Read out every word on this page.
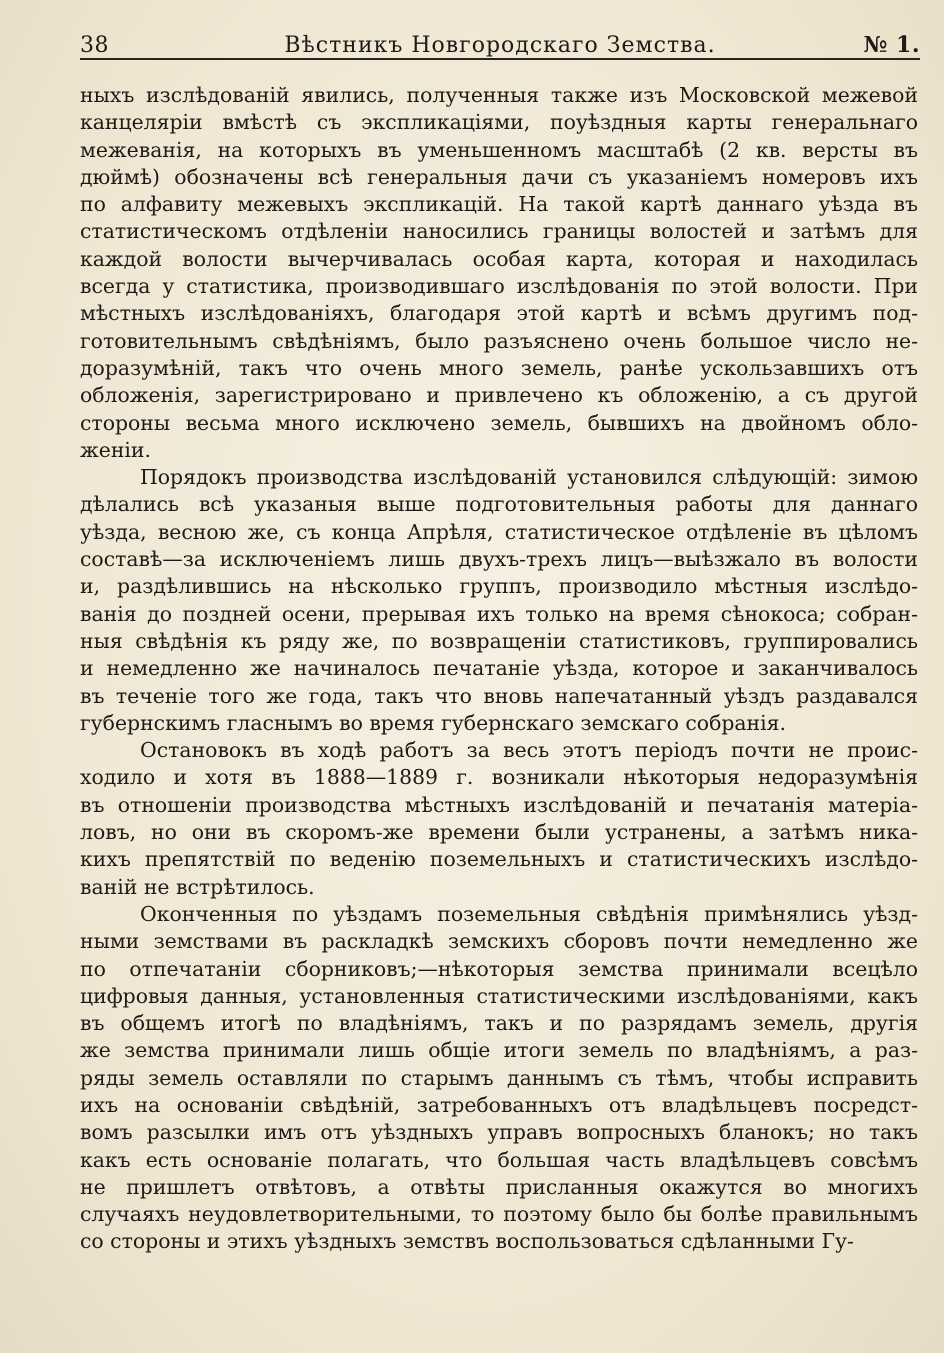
38	Вѣстникъ Новгородскаго Земства.	№ 1.
ныхъ изслѣдованій явились, полученныя также изъ Московской межевой
канцеляріи вмѣстѣ съ экспликаціями, поуѣздныя карты генеральнаго
межеванія, на которыхъ въ уменьшенномъ масштабѣ (2 кв. версты въ
дюймѣ) обозначены всѣ генеральныя дачи съ указаніемъ номеровъ ихъ
по алфавиту межевыхъ экспликацій. На такой картѣ даннаго уѣзда въ
статистическомъ отдѣленіи наносились границы волостей и затѣмъ для
каждой волости вычерчивалась особая карта, которая и находилась
всегда у статистика, производившаго изслѣдованія по этой волости. При
мѣстныхъ изслѣдованіяхъ, благодаря этой картѣ и всѣмъ другимъ под-
готовительнымъ свѣдѣніямъ, было разъяснено очень большое число не-
доразумѣній, такъ что очень много земель, ранѣе ускользавшихъ отъ
обложенія, зарегистрировано и привлечено къ обложенію, а съ другой
стороны весьма много исключено земель, бывшихъ на двойномъ обло-
женіи.
Порядокъ производства изслѣдованій установился слѣдующій: зимою
дѣлались всѣ указаныя выше подготовительныя работы для даннаго
уѣзда, весною же, съ конца Апрѣля, статистическое отдѣленіе въ цѣломъ
составѣ—за исключеніемъ лишь двухъ-трехъ лицъ—выѣзжало въ волости
и, раздѣлившись на нѣсколько группъ, производило мѣстныя изслѣдо-
ванія до поздней осени, прерывая ихъ только на время сѣнокоса; собран-
ныя свѣдѣнія къ ряду же, по возвращеніи статистиковъ, группировались
и немедленно же начиналось печатаніе уѣзда, которое и заканчивалось
въ теченіе того же года, такъ что вновь напечатанный уѣздъ раздавался
губернскимъ гласнымъ во время губернскаго земскаго собранія.
Остановокъ въ ходѣ работъ за весь этотъ періодъ почти не проис-
ходило и хотя въ 1888—1889 г. возникали нѣкоторыя недоразумѣнія
въ отношеніи производства мѣстныхъ изслѣдованій и печатанія матеріа-
ловъ, но они въ скоромъ-же времени были устранены, а затѣмъ ника-
кихъ препятствій по веденію поземельныхъ и статистическихъ изслѣдо-
ваній не встрѣтилось.
Оконченныя по уѣздамъ поземельныя свѣдѣнія примѣнялись уѣзд-
ными земствами въ раскладкѣ земскихъ сборовъ почти немедленно же
по отпечатаніи сборниковъ;—нѣкоторыя земства принимали всецѣло
цифровыя данныя, установленныя статистическими изслѣдованіями, какъ
въ общемъ итогѣ по владѣніямъ, такъ и по разрядамъ земель, другія
же земства принимали лишь общіе итоги земель по владѣніямъ, а раз-
ряды земель оставляли по старымъ даннымъ съ тѣмъ, чтобы исправить
ихъ на основаніи свѣдѣній, затребованныхъ отъ владѣльцевъ посредст-
вомъ разсылки имъ отъ уѣздныхъ управъ вопросныхъ бланокъ; но такъ
какъ есть основаніе полагать, что большая часть владѣльцевъ совсѣмъ
не пришлетъ отвѣтовъ, а отвѣты присланныя окажутся во многихъ
случаяхъ неудовлетворительными, то поэтому было бы болѣе правильнымъ
со стороны и этихъ уѣздныхъ земствъ воспользоваться сдѣланными Гу-
